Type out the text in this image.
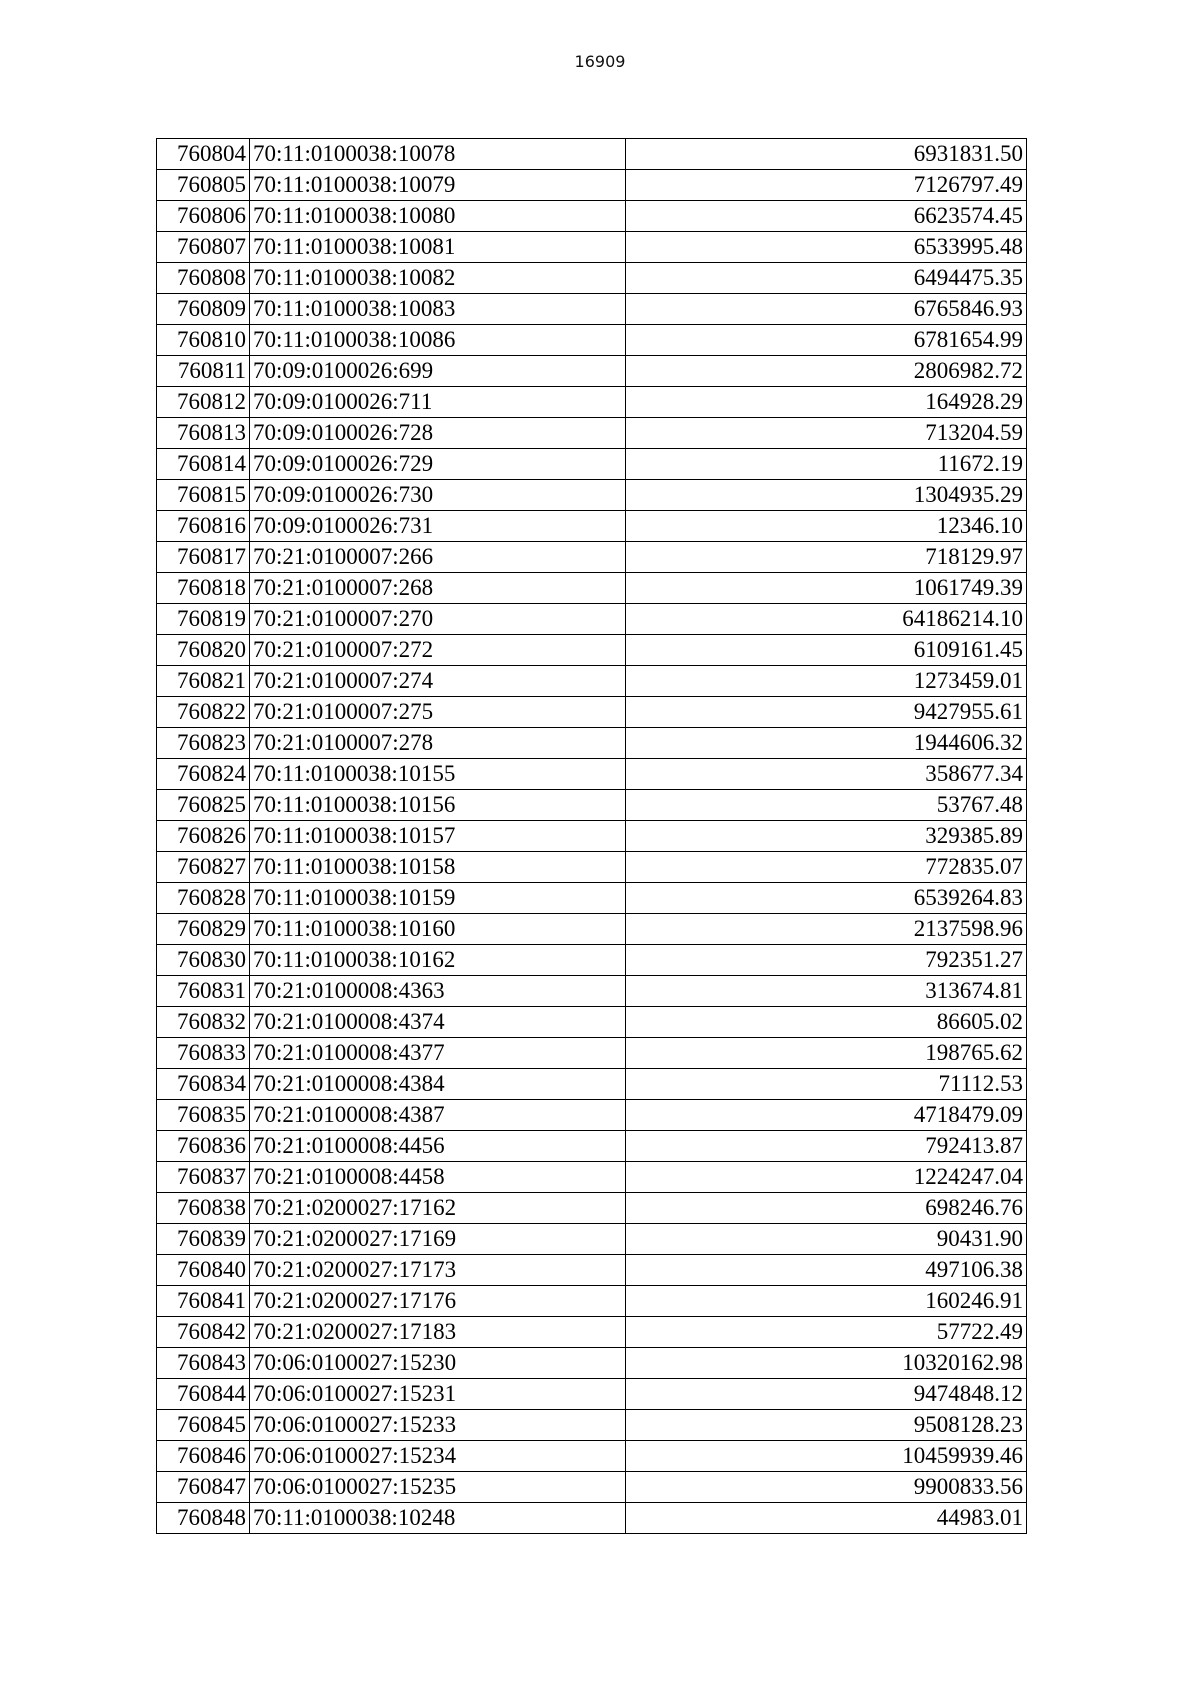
16909
760804	70:11:0100038:10078	6931831.50
760805	70:11:0100038:10079	7126797.49
760806	70:11:0100038:10080	6623574.45
760807	70:11:0100038:10081	6533995.48
760808	70:11:0100038:10082	6494475.35
760809	70:11:0100038:10083	6765846.93
760810	70:11:0100038:10086	6781654.99
760811	70:09:0100026:699	2806982.72
760812	70:09:0100026:711	164928.29
760813	70:09:0100026:728	713204.59
760814	70:09:0100026:729	11672.19
760815	70:09:0100026:730	1304935.29
760816	70:09:0100026:731	12346.10
760817	70:21:0100007:266	718129.97
760818	70:21:0100007:268	1061749.39
760819	70:21:0100007:270	64186214.10
760820	70:21:0100007:272	6109161.45
760821	70:21:0100007:274	1273459.01
760822	70:21:0100007:275	9427955.61
760823	70:21:0100007:278	1944606.32
760824	70:11:0100038:10155	358677.34
760825	70:11:0100038:10156	53767.48
760826	70:11:0100038:10157	329385.89
760827	70:11:0100038:10158	772835.07
760828	70:11:0100038:10159	6539264.83
760829	70:11:0100038:10160	2137598.96
760830	70:11:0100038:10162	792351.27
760831	70:21:0100008:4363	313674.81
760832	70:21:0100008:4374	86605.02
760833	70:21:0100008:4377	198765.62
760834	70:21:0100008:4384	71112.53
760835	70:21:0100008:4387	4718479.09
760836	70:21:0100008:4456	792413.87
760837	70:21:0100008:4458	1224247.04
760838	70:21:0200027:17162	698246.76
760839	70:21:0200027:17169	90431.90
760840	70:21:0200027:17173	497106.38
760841	70:21:0200027:17176	160246.91
760842	70:21:0200027:17183	57722.49
760843	70:06:0100027:15230	10320162.98
760844	70:06:0100027:15231	9474848.12
760845	70:06:0100027:15233	9508128.23
760846	70:06:0100027:15234	10459939.46
760847	70:06:0100027:15235	9900833.56
760848	70:11:0100038:10248	44983.01
